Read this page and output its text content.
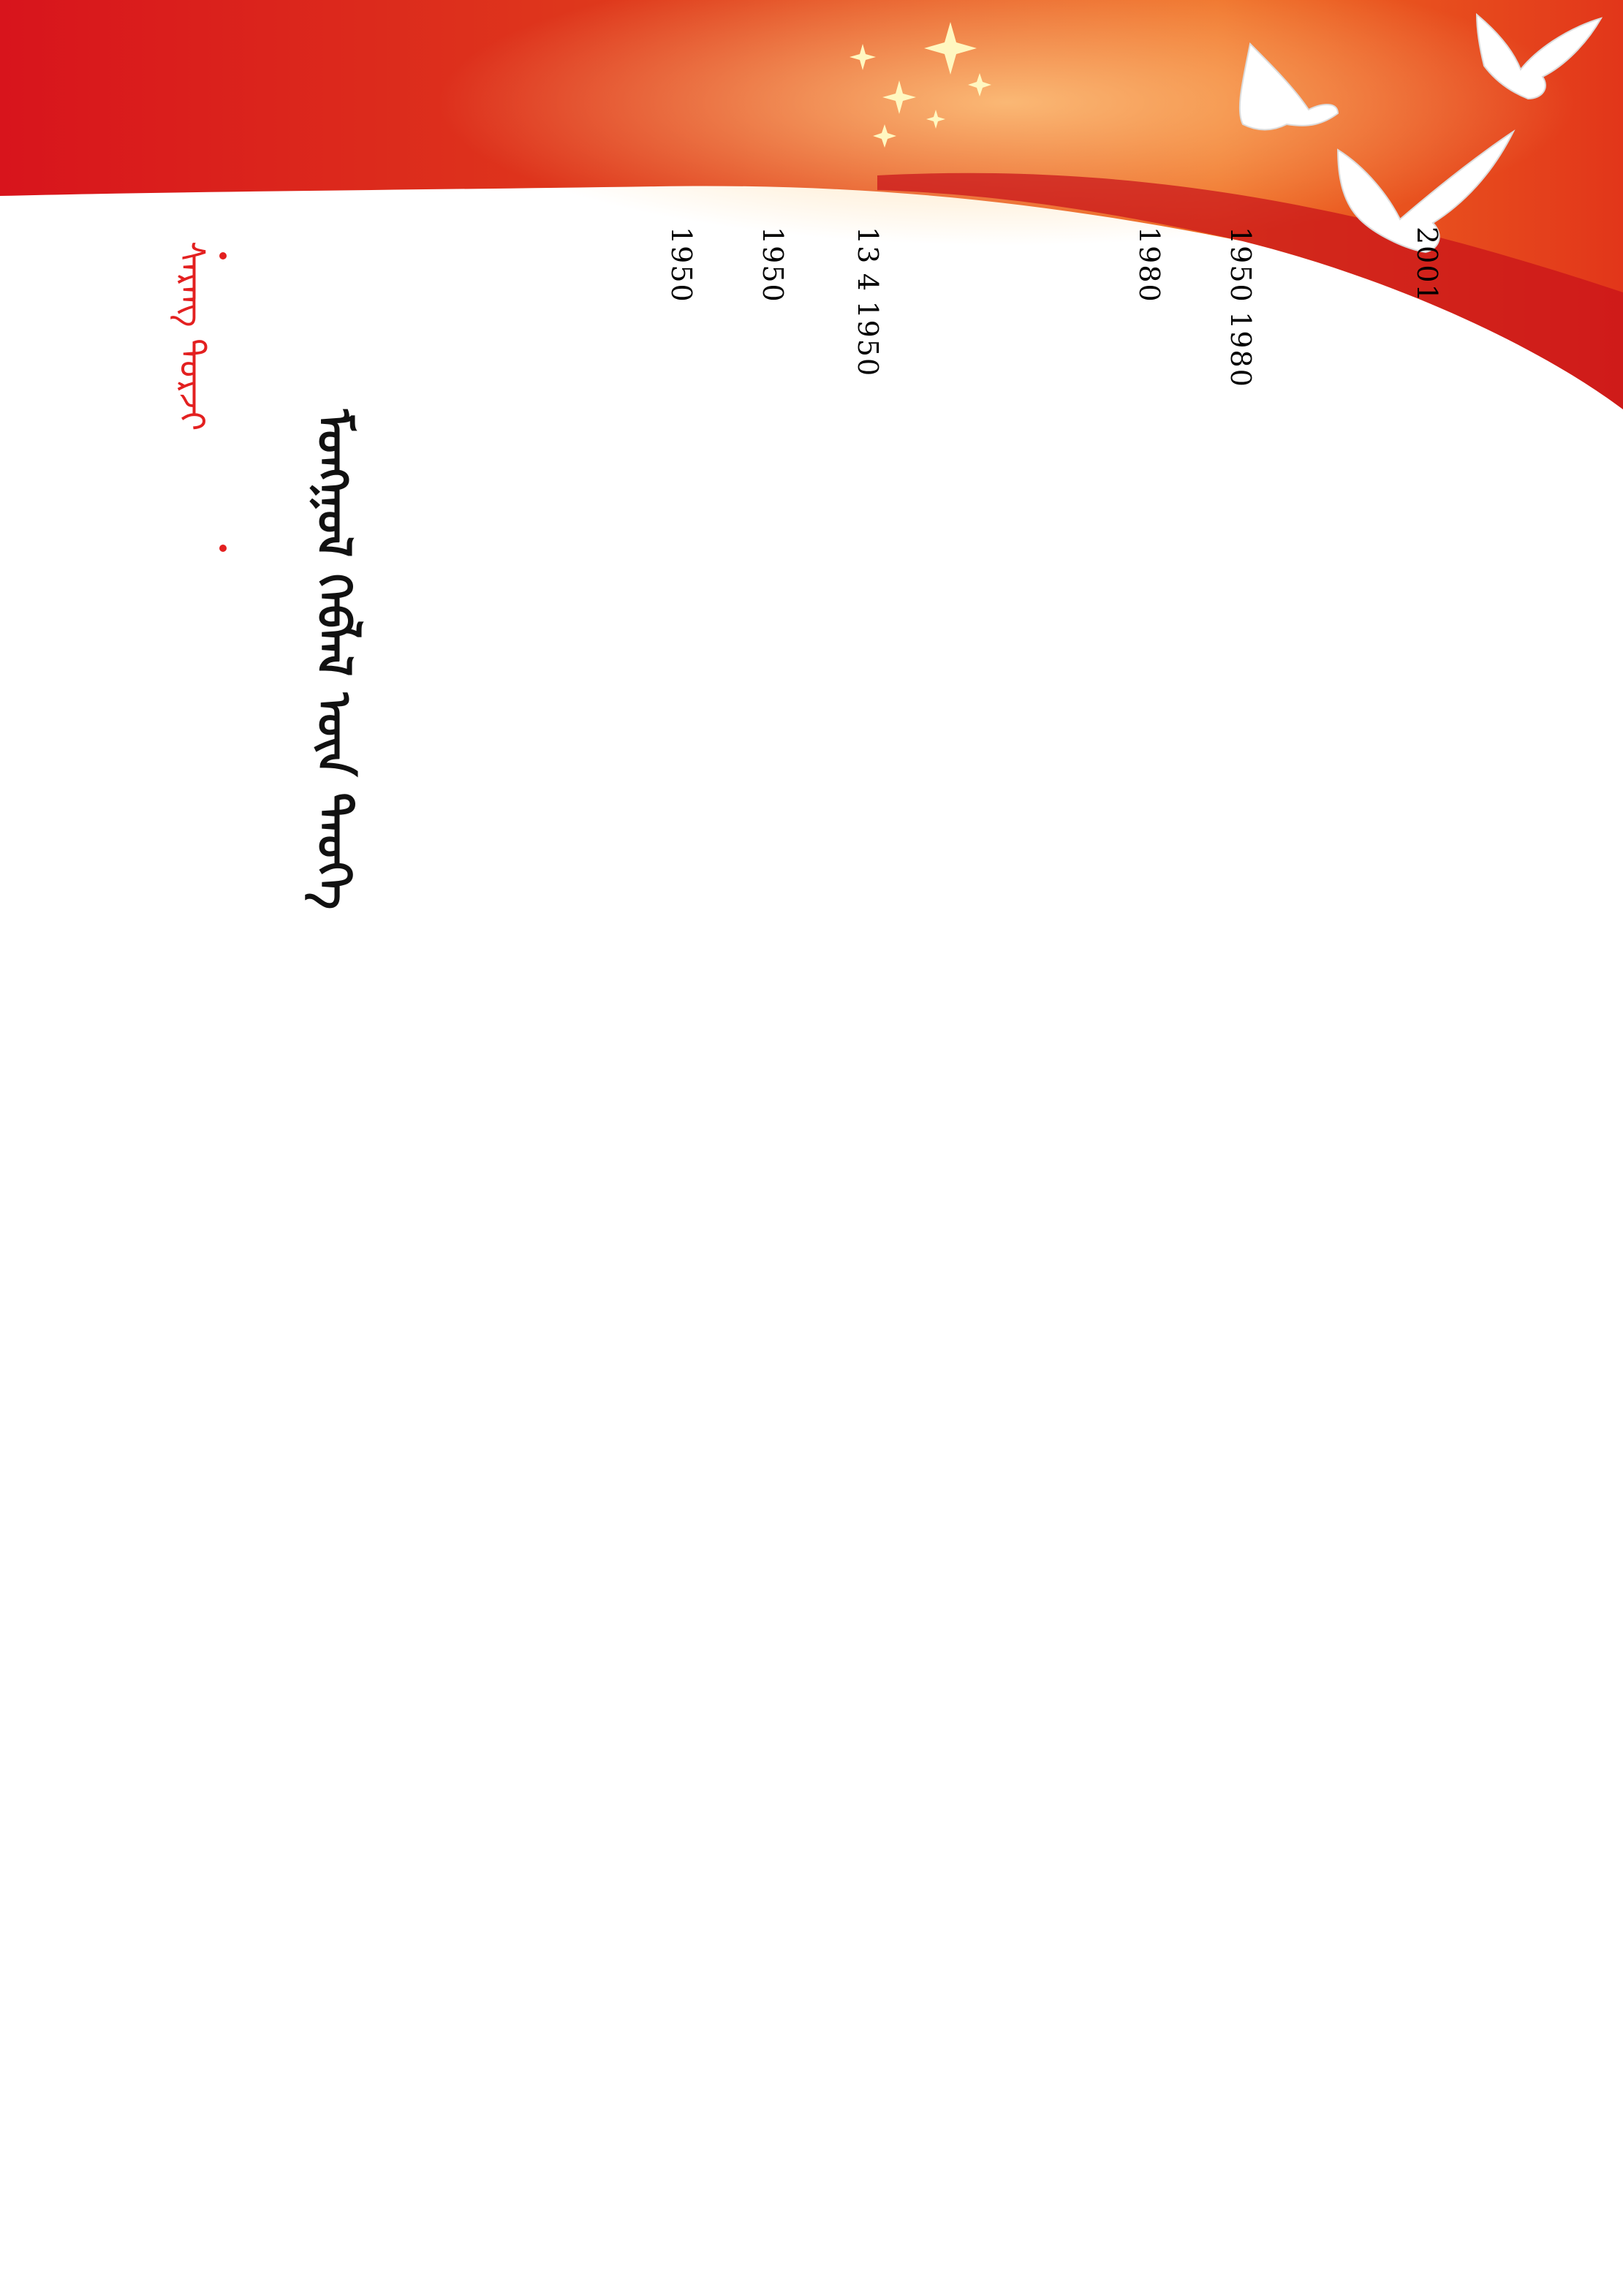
ᠰᠡᠷᠡᠩ ᠳᠣᠷᠵᠢ
ᠮᠣᠩᠭᠣᠯ ᠬᠡᠪᠯᠡᠯ ᠦᠨ ᠲᠡᠦᠬᠡ
2001
1950 1980
1980
13 4 1950
1950
1950
